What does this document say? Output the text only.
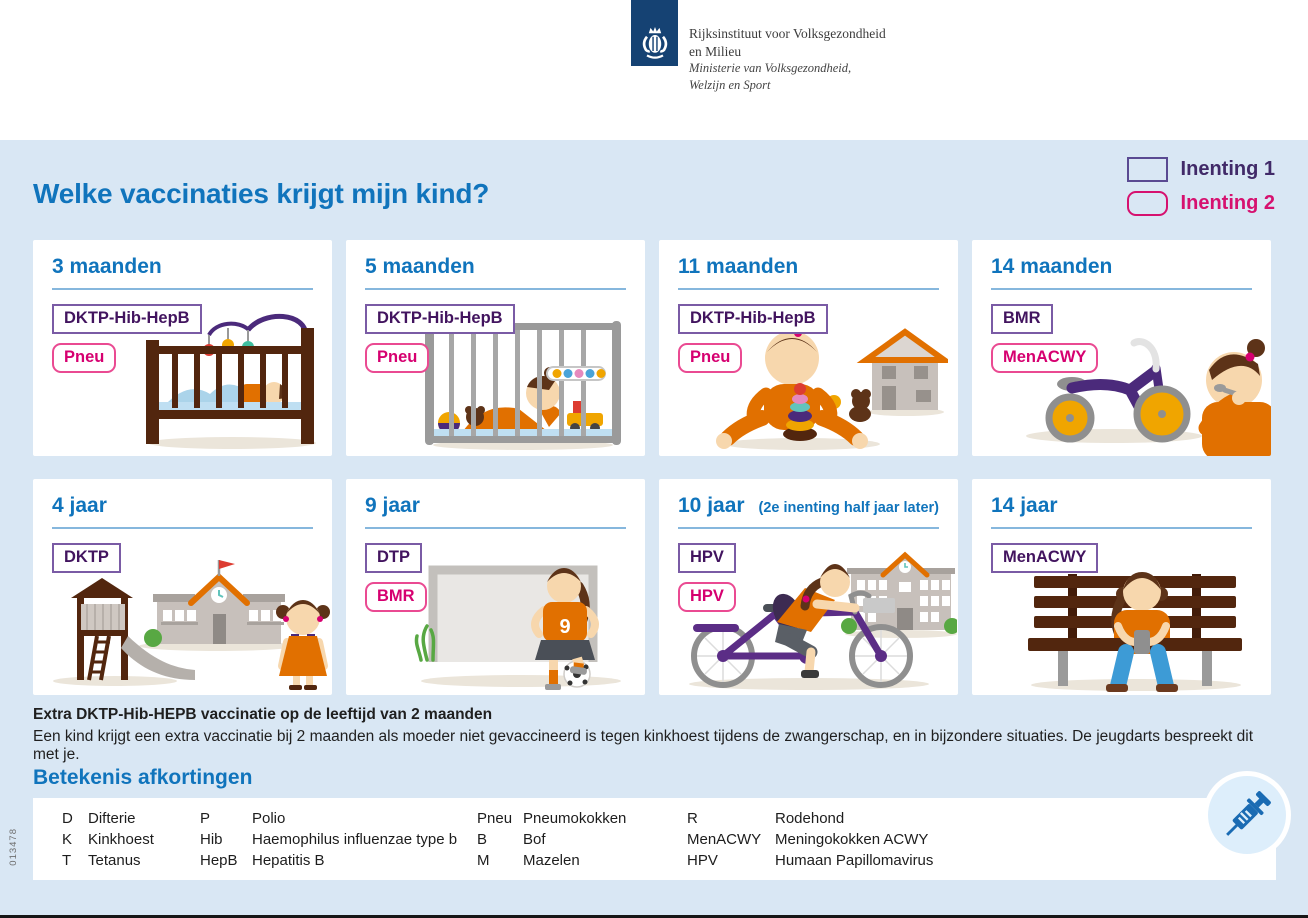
Rijksinstituut voor Volksgezondheid
en Milieu
Ministerie van Volksgezondheid,
Welzijn en Sport
Welke vaccinaties krijgt mijn kind?
Inenting 1
Inenting 2
3 maanden
DKTP-Hib-HepB
Pneu
5 maanden
DKTP-Hib-HepB
Pneu
11 maanden
DKTP-Hib-HepB
Pneu
14 maanden
BMR
MenACWY
4 jaar
DKTP
9 jaar
DTP
BMR
9
10 jaar (2e inenting half jaar later)
HPV
HPV
14 jaar
MenACWY
Extra DKTP-Hib-HEPB vaccinatie op de leeftijd van 2 maanden
Een kind krijgt een extra vaccinatie bij 2 maanden als moeder niet gevaccineerd is tegen kinkhoest tijdens de zwangerschap, en in bijzondere situaties. De jeugdarts bespreekt dit met je.
Betekenis afkortingen
D	Difterie	P	Polio	Pneu Pneumokokken	R	Rodehond
K	Kinkhoest	Hib	Haemophilus influenzae type b	B	Bof	MenACWY Meningokokken ACWY
T	Tetanus	HepB Hepatitis B	M	Mazelen	HPV	Humaan Papillomavirus
013478
